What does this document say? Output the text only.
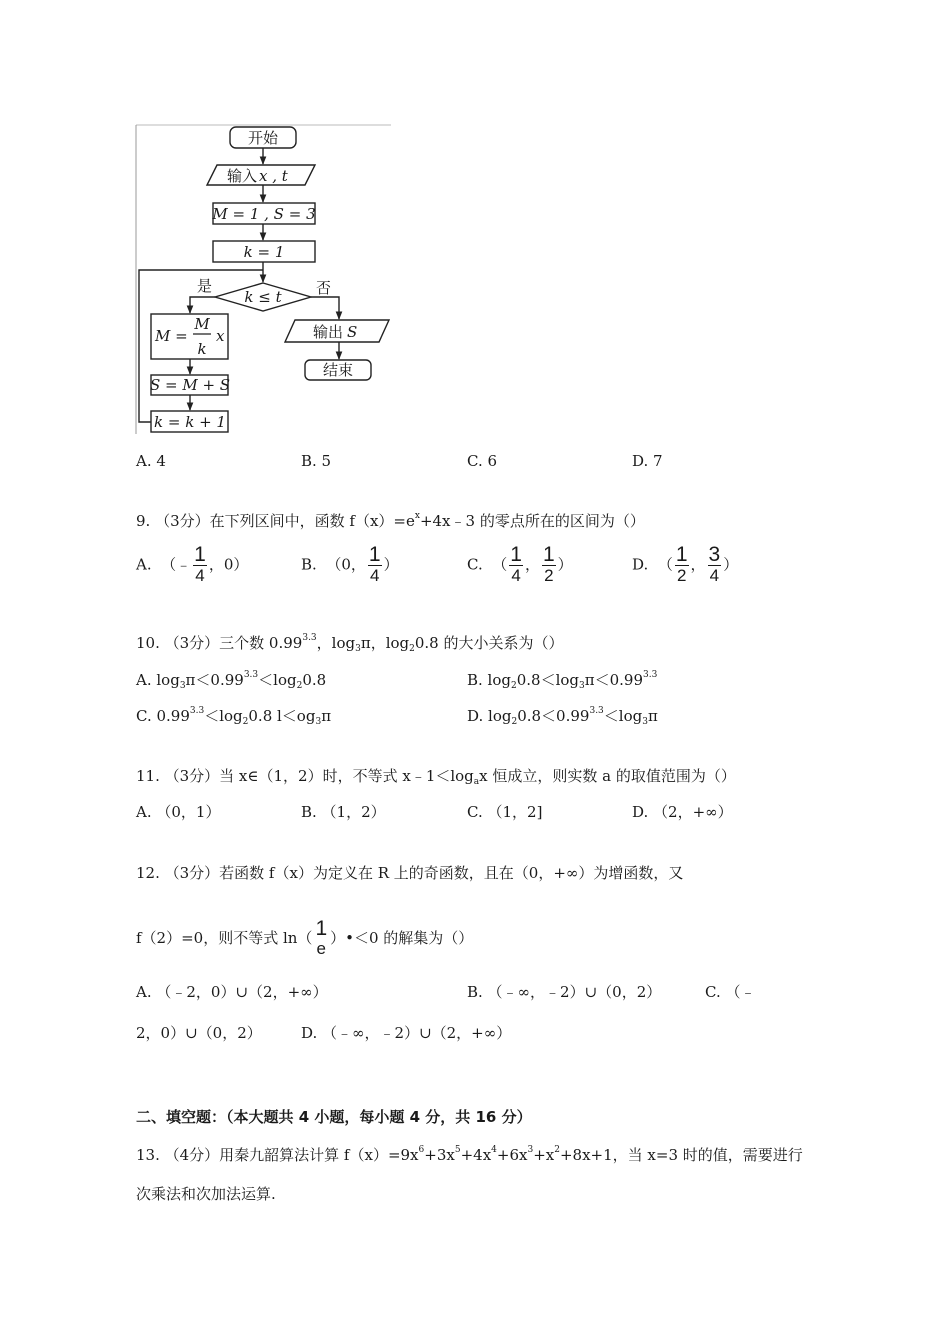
开始
输入 x , t
M = 1 , S = 3
k = 1
k ≤ t
是	否
M =
M
k
x
S = M + S
k = k + 1
输出 S
结束
A. 4	B. 5	C. 6	D. 7
9. （3分）在下列区间中，函数 $f(x)=e^x+4x﹣3$ 的零点所在的区间为（）
A. （﹣ $\frac{1}{4}$ ，0）	B. （0， $\frac{1}{4}$ ）	C. （ $\frac{1}{4}$ ， $\frac{1}{2}$ ）	D. （ $\frac{1}{2}$ ， $\frac{3}{4}$ ）
10. （3分）三个数 $0.99^{3.3}$，$\log_3\pi$，$\log_20.8$ 的大小关系为（）
A. $\log_3\pi<0.99^{3.3}<\log_20.8$	B. $\log_20.8<\log_3\pi<0.99^{3.3}$
C. $0.99^{3.3}<\log_20.8$ $l<og_3\pi$	D. $\log_20.8<0.99^{3.3}<\log_3\pi$
11. （3分）当 x∈（1，2）时，不等式 $x﹣1<\log_ax$ 恒成立，则实数 a 的取值范围为（）
A. （0，1）	B. （1，2）	C. （1，2]	D. （2，+∞）
12. （3分）若函数 f（x）为定义在 R 上的奇函数，且在（0，+∞）为增函数，又
f（2）=0，则不等式 ln（ 1
e
）•＜0 的解集为（）
A. （﹣2，0）∪（2，+∞）	B. （﹣∞，﹣2）∪（0，2）	C. （﹣
2，0）∪（0，2）	D. （﹣∞，﹣2）∪（2，+∞）
二、填空题：（本大题共 4 小题，每小题 4 分，共 16 分）
13. （4分）用秦九韶算法计算 $f(x)=9x^6+3x^5+4x^4+6x^3+x^2+8x+1$，当 x=3 时的值，需要进行
次乘法和次加法运算.
